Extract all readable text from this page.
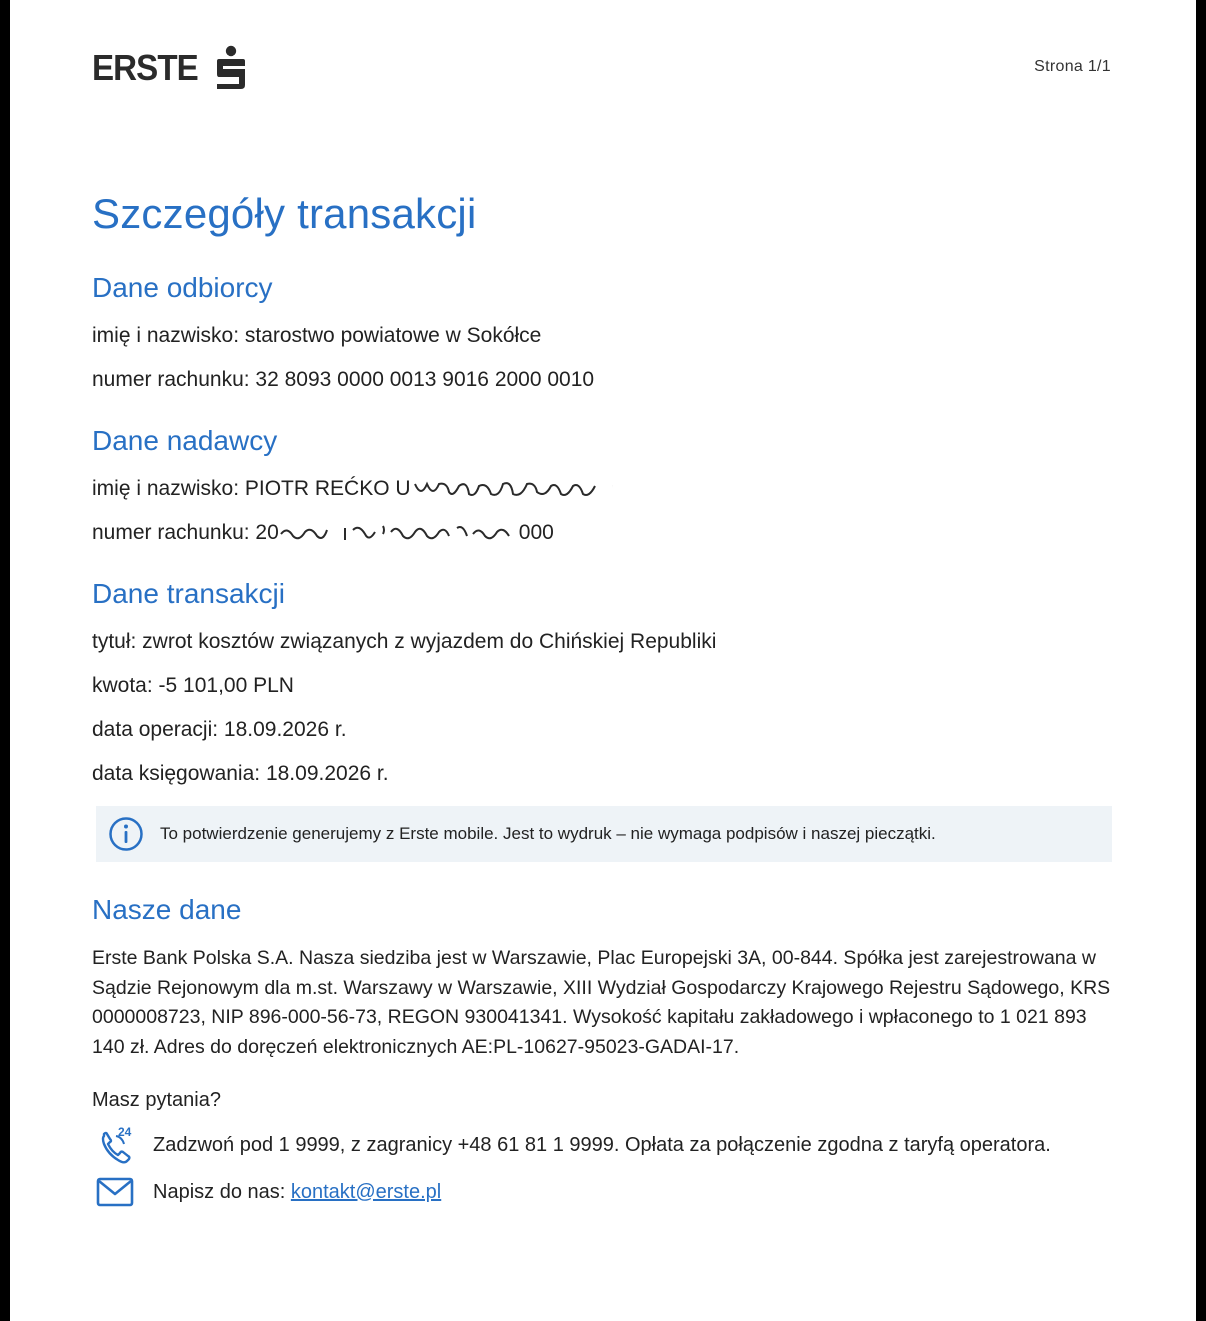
ERSTE	Strona 1/1
Szczegóły transakcji
Dane odbiorcy
imię i nazwisko: starostwo powiatowe w Sokółce
numer rachunku: 32 8093 0000 0013 9016 2000 0010
Dane nadawcy
imię i nazwisko: PIOTR REĆKO U
numer rachunku: 20	000
Dane transakcji
tytuł: zwrot kosztów związanych z wyjazdem do Chińskiej Republiki
kwota: -5 101,00 PLN
data operacji: 18.09.2026 r.
data księgowania: 18.09.2026 r.
To potwierdzenie generujemy z Erste mobile. Jest to wydruk – nie wymaga podpisów i naszej pieczątki.
Nasze dane

Erste Bank Polska S.A. Nasza siedziba jest w Warszawie, Plac Europejski 3A, 00-844. Spółka jest zarejestrowana w Sądzie Rejonowym dla m.st. Warszawy w Warszawie, XIII Wydział Gospodarczy Krajowego Rejestru Sądowego, KRS 0000008723, NIP 896-000-56-73, REGON 930041341. Wysokość kapitału zakładowego i wpłaconego to 1 021 893 140 zł. Adres do doręczeń elektronicznych AE:PL-10627-95023-GADAI-17.

Masz pytania?
24
Zadzwoń pod 1 9999, z zagranicy +48 61 81 1 9999. Opłata za połączenie zgodna z taryfą operatora.
Napisz do nas: kontakt@erste.pl
